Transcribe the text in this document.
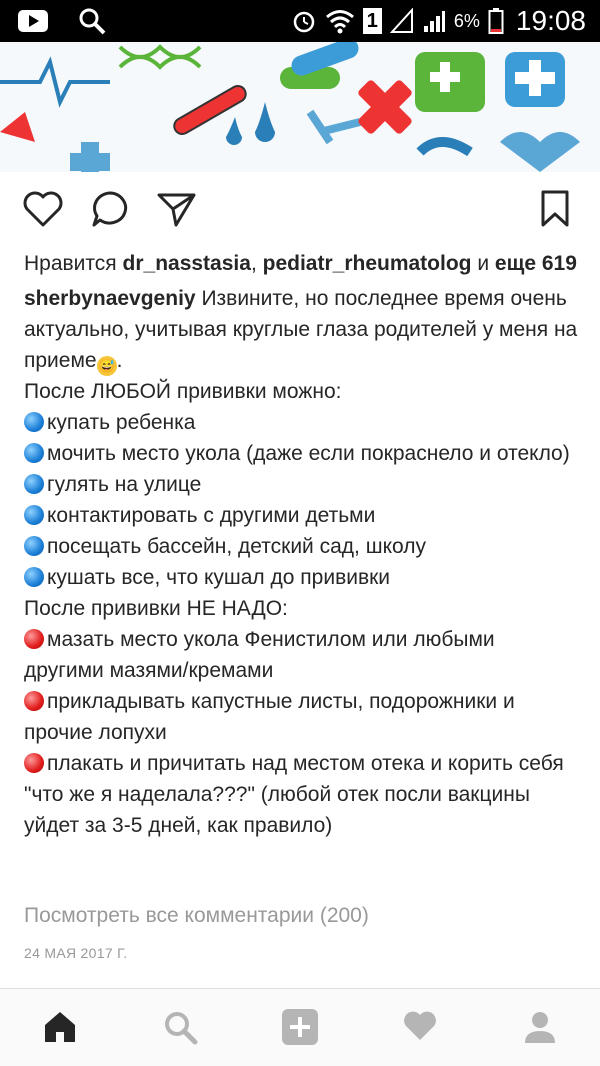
1	6% 19:08

Нравится dr_nasstasia, pediatr_rheumatolog и еще 619

sherbynaevgeniy Извините, но последнее время очень актуально, учитывая круглые глаза родителей у меня на приеме 😅.

После ЛЮБОЙ прививки можно:

купать ребенка

мочить место укола (даже если покраснело и отекло)

гулять на улице

контактировать с другими детьми

посещать бассейн, детский сад, школу

кушать все, что кушал до прививки

После прививки НЕ НАДО:

мазать место укола Фенистилом или любыми другими мазями/кремами

прикладывать капустные листы, подорожники и прочие лопухи

плакать и причитать над местом отека и корить себя "что же я наделала???" (любой отек посли вакцины уйдет за 3-5 дней, как правило)

Посмотреть все комментарии (200)
24 МАЯ 2017 Г.
